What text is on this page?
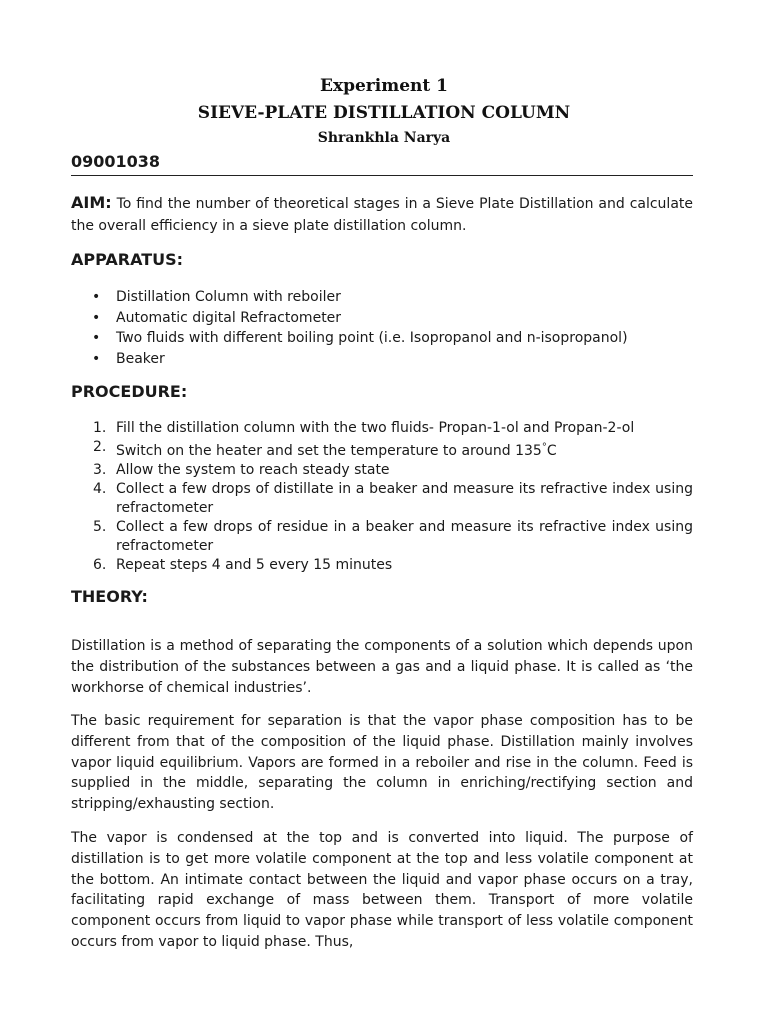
Experiment 1
SIEVE-PLATE DISTILLATION COLUMN
Shrankhla Narya
09001038
AIM: To find the number of theoretical stages in a Sieve Plate Distillation and calculate the overall efficiency in a sieve plate distillation column.
APPARATUS:
• Distillation Column with reboiler
• Automatic digital Refractometer
• Two fluids with different boiling point (i.e. Isopropanol and n-isopropanol)
• Beaker
PROCEDURE:
1. Fill the distillation column with the two fluids- Propan-1-ol and Propan-2-ol
2. Switch on the heater and set the temperature to around 135°C
3. Allow the system to reach steady state
4. Collect a few drops of distillate in a beaker and measure its refractive index using refractometer
5. Collect a few drops of residue in a beaker and measure its refractive index using refractometer
6. Repeat steps 4 and 5 every 15 minutes
THEORY:

Distillation is a method of separating the components of a solution which depends upon the distribution of the substances between a gas and a liquid phase. It is called as ‘the workhorse of chemical industries’.

The basic requirement for separation is that the vapor phase composition has to be different from that of the composition of the liquid phase. Distillation mainly involves vapor liquid equilibrium. Vapors are formed in a reboiler and rise in the column. Feed is supplied in the middle, separating the column in enriching/rectifying section and stripping/exhausting section.

The vapor is condensed at the top and is converted into liquid. The purpose of distillation is to get more volatile component at the top and less volatile component at the bottom. An intimate contact between the liquid and vapor phase occurs on a tray, facilitating rapid exchange of mass between them. Transport of more volatile component occurs from liquid to vapor phase while transport of less volatile component occurs from vapor to liquid phase. Thus,
